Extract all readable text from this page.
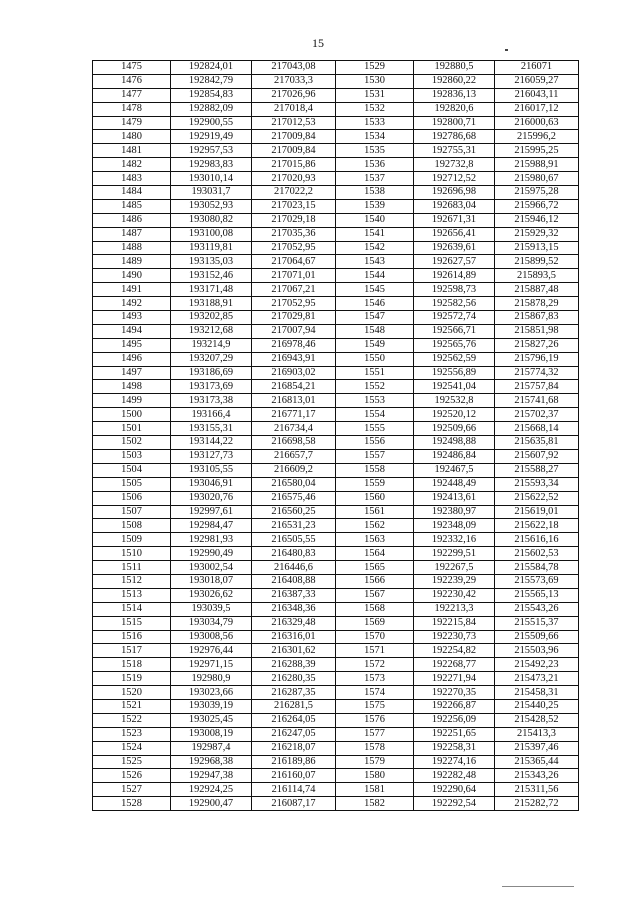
15
1475	192824,01	217043,08	1529	192880,5	216071
1476	192842,79	217033,3	1530	192860,22	216059,27
1477	192854,83	217026,96	1531	192836,13	216043,11
1478	192882,09	217018,4	1532	192820,6	216017,12
1479	192900,55	217012,53	1533	192800,71	216000,63
1480	192919,49	217009,84	1534	192786,68	215996,2
1481	192957,53	217009,84	1535	192755,31	215995,25
1482	192983,83	217015,86	1536	192732,8	215988,91
1483	193010,14	217020,93	1537	192712,52	215980,67
1484	193031,7	217022,2	1538	192696,98	215975,28
1485	193052,93	217023,15	1539	192683,04	215966,72
1486	193080,82	217029,18	1540	192671,31	215946,12
1487	193100,08	217035,36	1541	192656,41	215929,32
1488	193119,81	217052,95	1542	192639,61	215913,15
1489	193135,03	217064,67	1543	192627,57	215899,52
1490	193152,46	217071,01	1544	192614,89	215893,5
1491	193171,48	217067,21	1545	192598,73	215887,48
1492	193188,91	217052,95	1546	192582,56	215878,29
1493	193202,85	217029,81	1547	192572,74	215867,83
1494	193212,68	217007,94	1548	192566,71	215851,98
1495	193214,9	216978,46	1549	192565,76	215827,26
1496	193207,29	216943,91	1550	192562,59	215796,19
1497	193186,69	216903,02	1551	192556,89	215774,32
1498	193173,69	216854,21	1552	192541,04	215757,84
1499	193173,38	216813,01	1553	192532,8	215741,68
1500	193166,4	216771,17	1554	192520,12	215702,37
1501	193155,31	216734,4	1555	192509,66	215668,14
1502	193144,22	216698,58	1556	192498,88	215635,81
1503	193127,73	216657,7	1557	192486,84	215607,92
1504	193105,55	216609,2	1558	192467,5	215588,27
1505	193046,91	216580,04	1559	192448,49	215593,34
1506	193020,76	216575,46	1560	192413,61	215622,52
1507	192997,61	216560,25	1561	192380,97	215619,01
1508	192984,47	216531,23	1562	192348,09	215622,18
1509	192981,93	216505,55	1563	192332,16	215616,16
1510	192990,49	216480,83	1564	192299,51	215602,53
1511	193002,54	216446,6	1565	192267,5	215584,78
1512	193018,07	216408,88	1566	192239,29	215573,69
1513	193026,62	216387,33	1567	192230,42	215565,13
1514	193039,5	216348,36	1568	192213,3	215543,26
1515	193034,79	216329,48	1569	192215,84	215515,37
1516	193008,56	216316,01	1570	192230,73	215509,66
1517	192976,44	216301,62	1571	192254,82	215503,96
1518	192971,15	216288,39	1572	192268,77	215492,23
1519	192980,9	216280,35	1573	192271,94	215473,21
1520	193023,66	216287,35	1574	192270,35	215458,31
1521	193039,19	216281,5	1575	192266,87	215440,25
1522	193025,45	216264,05	1576	192256,09	215428,52
1523	193008,19	216247,05	1577	192251,65	215413,3
1524	192987,4	216218,07	1578	192258,31	215397,46
1525	192968,38	216189,86	1579	192274,16	215365,44
1526	192947,38	216160,07	1580	192282,48	215343,26
1527	192924,25	216114,74	1581	192290,64	215311,56
1528	192900,47	216087,17	1582	192292,54	215282,72
